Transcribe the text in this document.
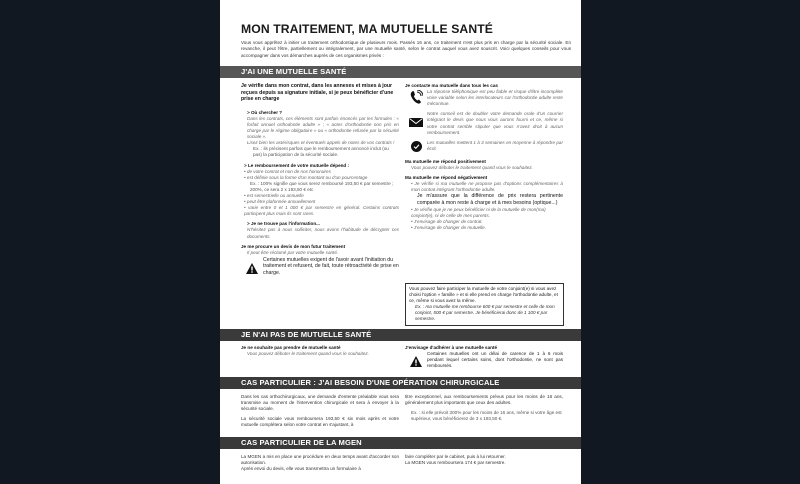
MON TRAITEMENT, MA MUTUELLE SANTÉ
Vous vous apprêtez à initier un traitement orthodontique de plusieurs mois. Passés 16 ans, ce traitement n'est plus pris en charge par la sécurité sociale. En revanche, il peut l'être, partiellement ou intégralement, par une mutuelle santé, selon le contrat auquel vous avez souscrit. Voici quelques conseils pour vous accompagner dans vos démarches auprès de ces organismes privés :
J'AI UNE MUTUELLE SANTÉ
Je vérifie dans mon contrat, dans les annexes et mises à jour reçues depuis sa signature initiale, si je peux bénéficier d'une prise en charge
> Où chercher ?
Dans les contrats, ces éléments sont parfois énoncés par les formules : « forfait annuel orthodontie adulte » ; « actes d'orthodontie non pris en charge par le régime obligatoire » ou « orthodontie refusée par la sécurité sociale ».
Lisez bien les astérisques et éventuels appels de notes de vos contrats !
Ex. : ils précisent parfois que le remboursement annoncé inclut (ou pas) la participation de la sécurité sociale.
> Le remboursement de votre mutuelle dépend :
• de votre contrat et non de nos honoraires
• est définie sous la forme d'un montant ou d'un pourcentage
Ex. : 100% signifie que vous serez remboursé 193,50 € par semestre ; 200%, ce sera 2 x 193,50 € etc
• est semestrielle ou annuelle
• peut être plafonnée annuellement
• varie entre 0 et 1 000 € par semestre en général. Certains contrats participent plus mais ils sont rares.
> Je ne trouve pas l'information...
N'hésitez pas à nous solliciter, nous avons l'habitude de décrypter ces documents.
Je me procure un devis de mon futur traitement
Il peut être réclamé par votre mutuelle santé.
Certaines mutuelles exigent de l'avoir avant l'initiation du traitement et refusent, de fait, toute rétroactivité de prise en charge.
Je contacte ma mutuelle dans tous les cas
La réponse téléphonique est peu fiable et risque d'être incomplète voire variable selon les interlocuteurs car l'orthodontie adulte reste méconnue.
Notre conseil est de doubler votre demande orale d'un courrier intégrant le devis que nous vous aurons fourni et ce, même si votre contrat semble stipuler que vous n'avez droit à aucun remboursement.
Les mutuelles mettent 1 à 3 semaines en moyenne à répondre par écrit.
Ma mutuelle me répond positivement
Vous pouvez débuter le traitement quand vous le souhaitez.
Ma mutuelle me répond négativement
• Je vérifie si ma mutuelle ne propose pas d'options complémentaires à mon contrat intégrant l'orthodontie adulte.
Je m'assure que la différence de prix restera pertinente comparée à mon reste à charge et à mes besoins (optique...)
• Je vérifie que je ne peux bénéficier ni de la mutuelle de mon(ma) conjoint(e), ni de celle de mes parents.
• J'envisage de changer de contrat.
• J'envisage de changer de mutuelle.
Vous pouvez faire participer la mutuelle de votre conjoint(e) si vous avez choisi l'option « famille » et si elle prend en charge l'orthodontie adulte, et ce, même si vous avez la même.
Ex. : ma mutuelle me rembourse 600 € par semestre et celle de mon conjoint, 500 € par semestre. Je bénéficierai donc de 1 100 € par semestre.
JE N'AI PAS DE MUTUELLE SANTÉ
Je ne souhaite pas prendre de mutuelle santé
Vous pouvez débuter le traitement quand vous le souhaitez.
J'envisage d'adhérer à une mutuelle santé
Certaines mutuelles ont un délai de carence de 1 à 6 mois pendant lequel certains soins, dont l'orthodontie, ne sont pas remboursés.
CAS PARTICULIER : J'AI BESOIN D'UNE OPÉRATION CHIRURGICALE
Dans les cas orthochirurgicaux, une demande d'entente préalable vous sera transmise au moment de l'intervention chirurgicale et sera à envoyer à la sécurité sociale.
La sécurité sociale vous remboursera 193,50 € six mois après et votre mutuelle complétera selon votre contrat en s'ajustant, à
titre exceptionnel, aux remboursements prévus pour les moins de 16 ans, généralement plus importants que ceux des adultes.
Ex. : si elle prévoit 300% pour les moins de 16 ans, même si votre âge est supérieur, vous bénéficierez de 3 x 193,50 €.
CAS PARTICULIER DE LA MGEN
La MGEN a mis en place une procédure en deux temps avant d'accorder son autorisation.
Après envoi du devis, elle vous transmettra un formulaire à
faire compléter par le cabinet, puis à lui retourner.
La MGEN vous remboursera 174 € par semestre.
